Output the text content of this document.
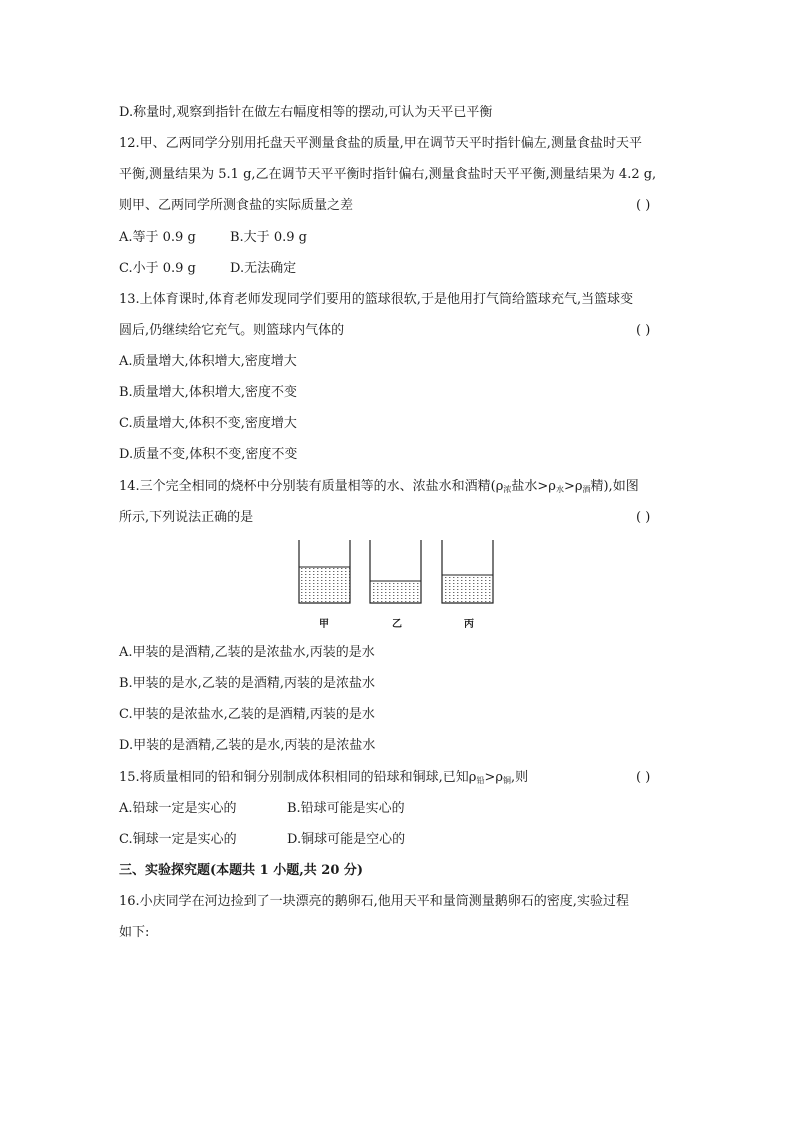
D.称量时,观察到指针在做左右幅度相等的摆动,可认为天平已平衡
12.甲、乙两同学分别用托盘天平测量食盐的质量,甲在调节天平时指针偏左,测量食盐时天平
平衡,测量结果为 5.1 g,乙在调节天平平衡时指针偏右,测量食盐时天平平衡,测量结果为 4.2 g,
则甲、乙两同学所测食盐的实际质量之差	( )
A.等于 0.9 g	B.大于 0.9 g
C.小于 0.9 g	D.无法确定
13.上体育课时,体育老师发现同学们要用的篮球很软,于是他用打气筒给篮球充气,当篮球变
圆后,仍继续给它充气。则篮球内气体的	( )
A.质量增大,体积增大,密度增大
B.质量增大,体积增大,密度不变
C.质量增大,体积不变,密度增大
D.质量不变,体积不变,密度不变
14.三个完全相同的烧杯中分别装有质量相等的水、浓盐水和酒精($\rho_浓$盐水$>\rho_水>\rho_酒$精),如图
所示,下列说法正确的是	( )
甲	乙	丙
A.甲装的是酒精,乙装的是浓盐水,丙装的是水
B.甲装的是水,乙装的是酒精,丙装的是浓盐水
C.甲装的是浓盐水,乙装的是酒精,丙装的是水
D.甲装的是酒精,乙装的是水,丙装的是浓盐水
15.将质量相同的铅和铜分别制成体积相同的铅球和铜球,已知$\rho_铅>\rho_铜$,则	( )
A.铅球一定是实心的	B.铅球可能是实心的
C.铜球一定是实心的	D.铜球可能是空心的
三、实验探究题(本题共 1 小题,共 20 分)
16.小庆同学在河边捡到了一块漂亮的鹅卵石,他用天平和量筒测量鹅卵石的密度,实验过程
如下:
